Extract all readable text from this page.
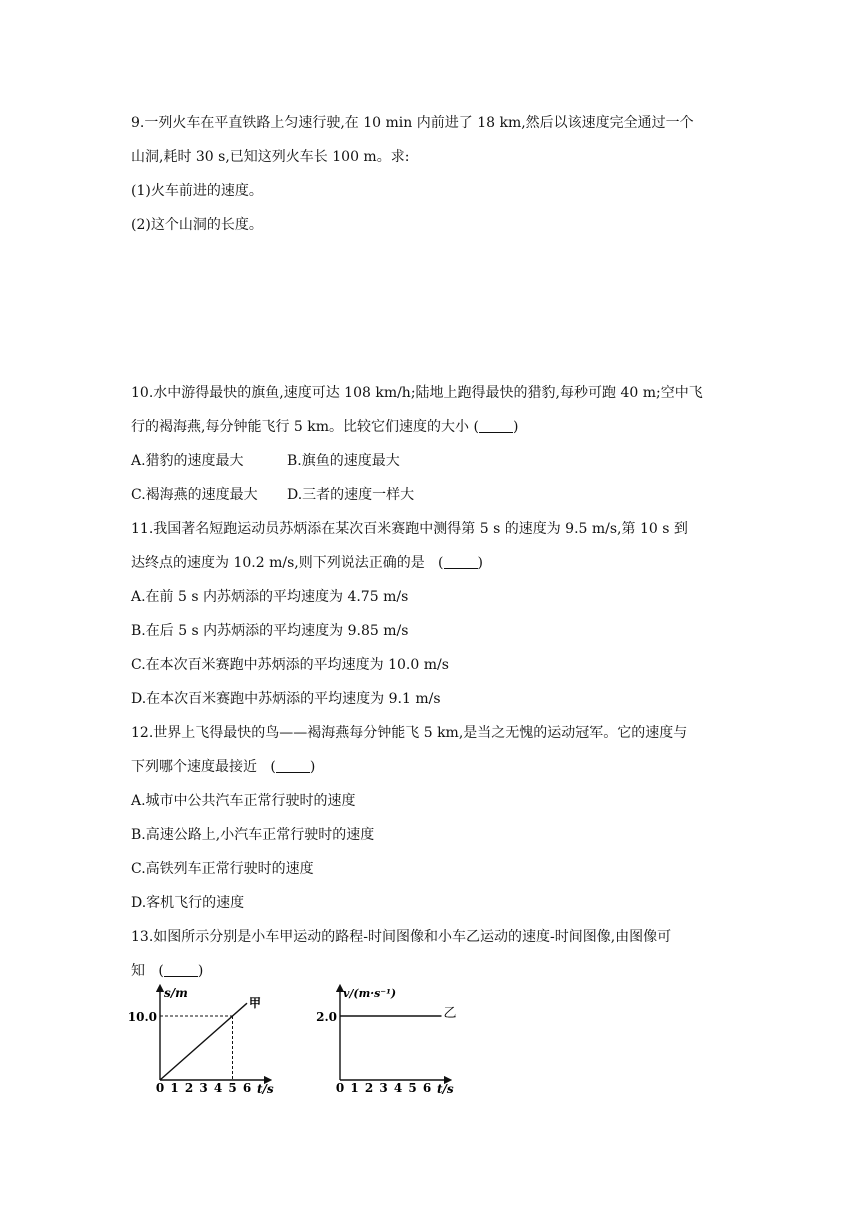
9.一列火车在平直铁路上匀速行驶,在 10 min 内前进了 18 km,然后以该速度完全通过一个
山洞,耗时 30 s,已知这列火车长 100 m。求:
(1)火车前进的速度。
(2)这个山洞的长度。
10.水中游得最快的旗鱼,速度可达 108 km/h;陆地上跑得最快的猎豹,每秒可跑 40 m;空中飞
行的褐海燕,每分钟能飞行 5 km。比较它们速度的大小 ( )
A.猎豹的速度最大	B.旗鱼的速度最大
C.褐海燕的速度最大 D.三者的速度一样大
11.我国著名短跑运动员苏炳添在某次百米赛跑中测得第 5 s 的速度为 9.5 m/s,第 10 s 到
达终点的速度为 10.2 m/s,则下列说法正确的是   ( )
A.在前 5 s 内苏炳添的平均速度为 4.75 m/s
B.在后 5 s 内苏炳添的平均速度为 9.85 m/s
C.在本次百米赛跑中苏炳添的平均速度为 10.0 m/s
D.在本次百米赛跑中苏炳添的平均速度为 9.1 m/s
12.世界上飞得最快的鸟——褐海燕每分钟能飞 5 km,是当之无愧的运动冠军。它的速度与
下列哪个速度最接近   ( )
A.城市中公共汽车正常行驶时的速度
B.高速公路上,小汽车正常行驶时的速度
C.高铁列车正常行驶时的速度
D.客机飞行的速度
13.如图所示分别是小车甲运动的路程-时间图像和小车乙运动的速度-时间图像,由图像可
知   ( )
s/m
10.0
甲
0 1 2 3 4 5 6 t/s
v/(m·s⁻¹)
2.0	乙
0 1 2 3 4 5 6 t/s
